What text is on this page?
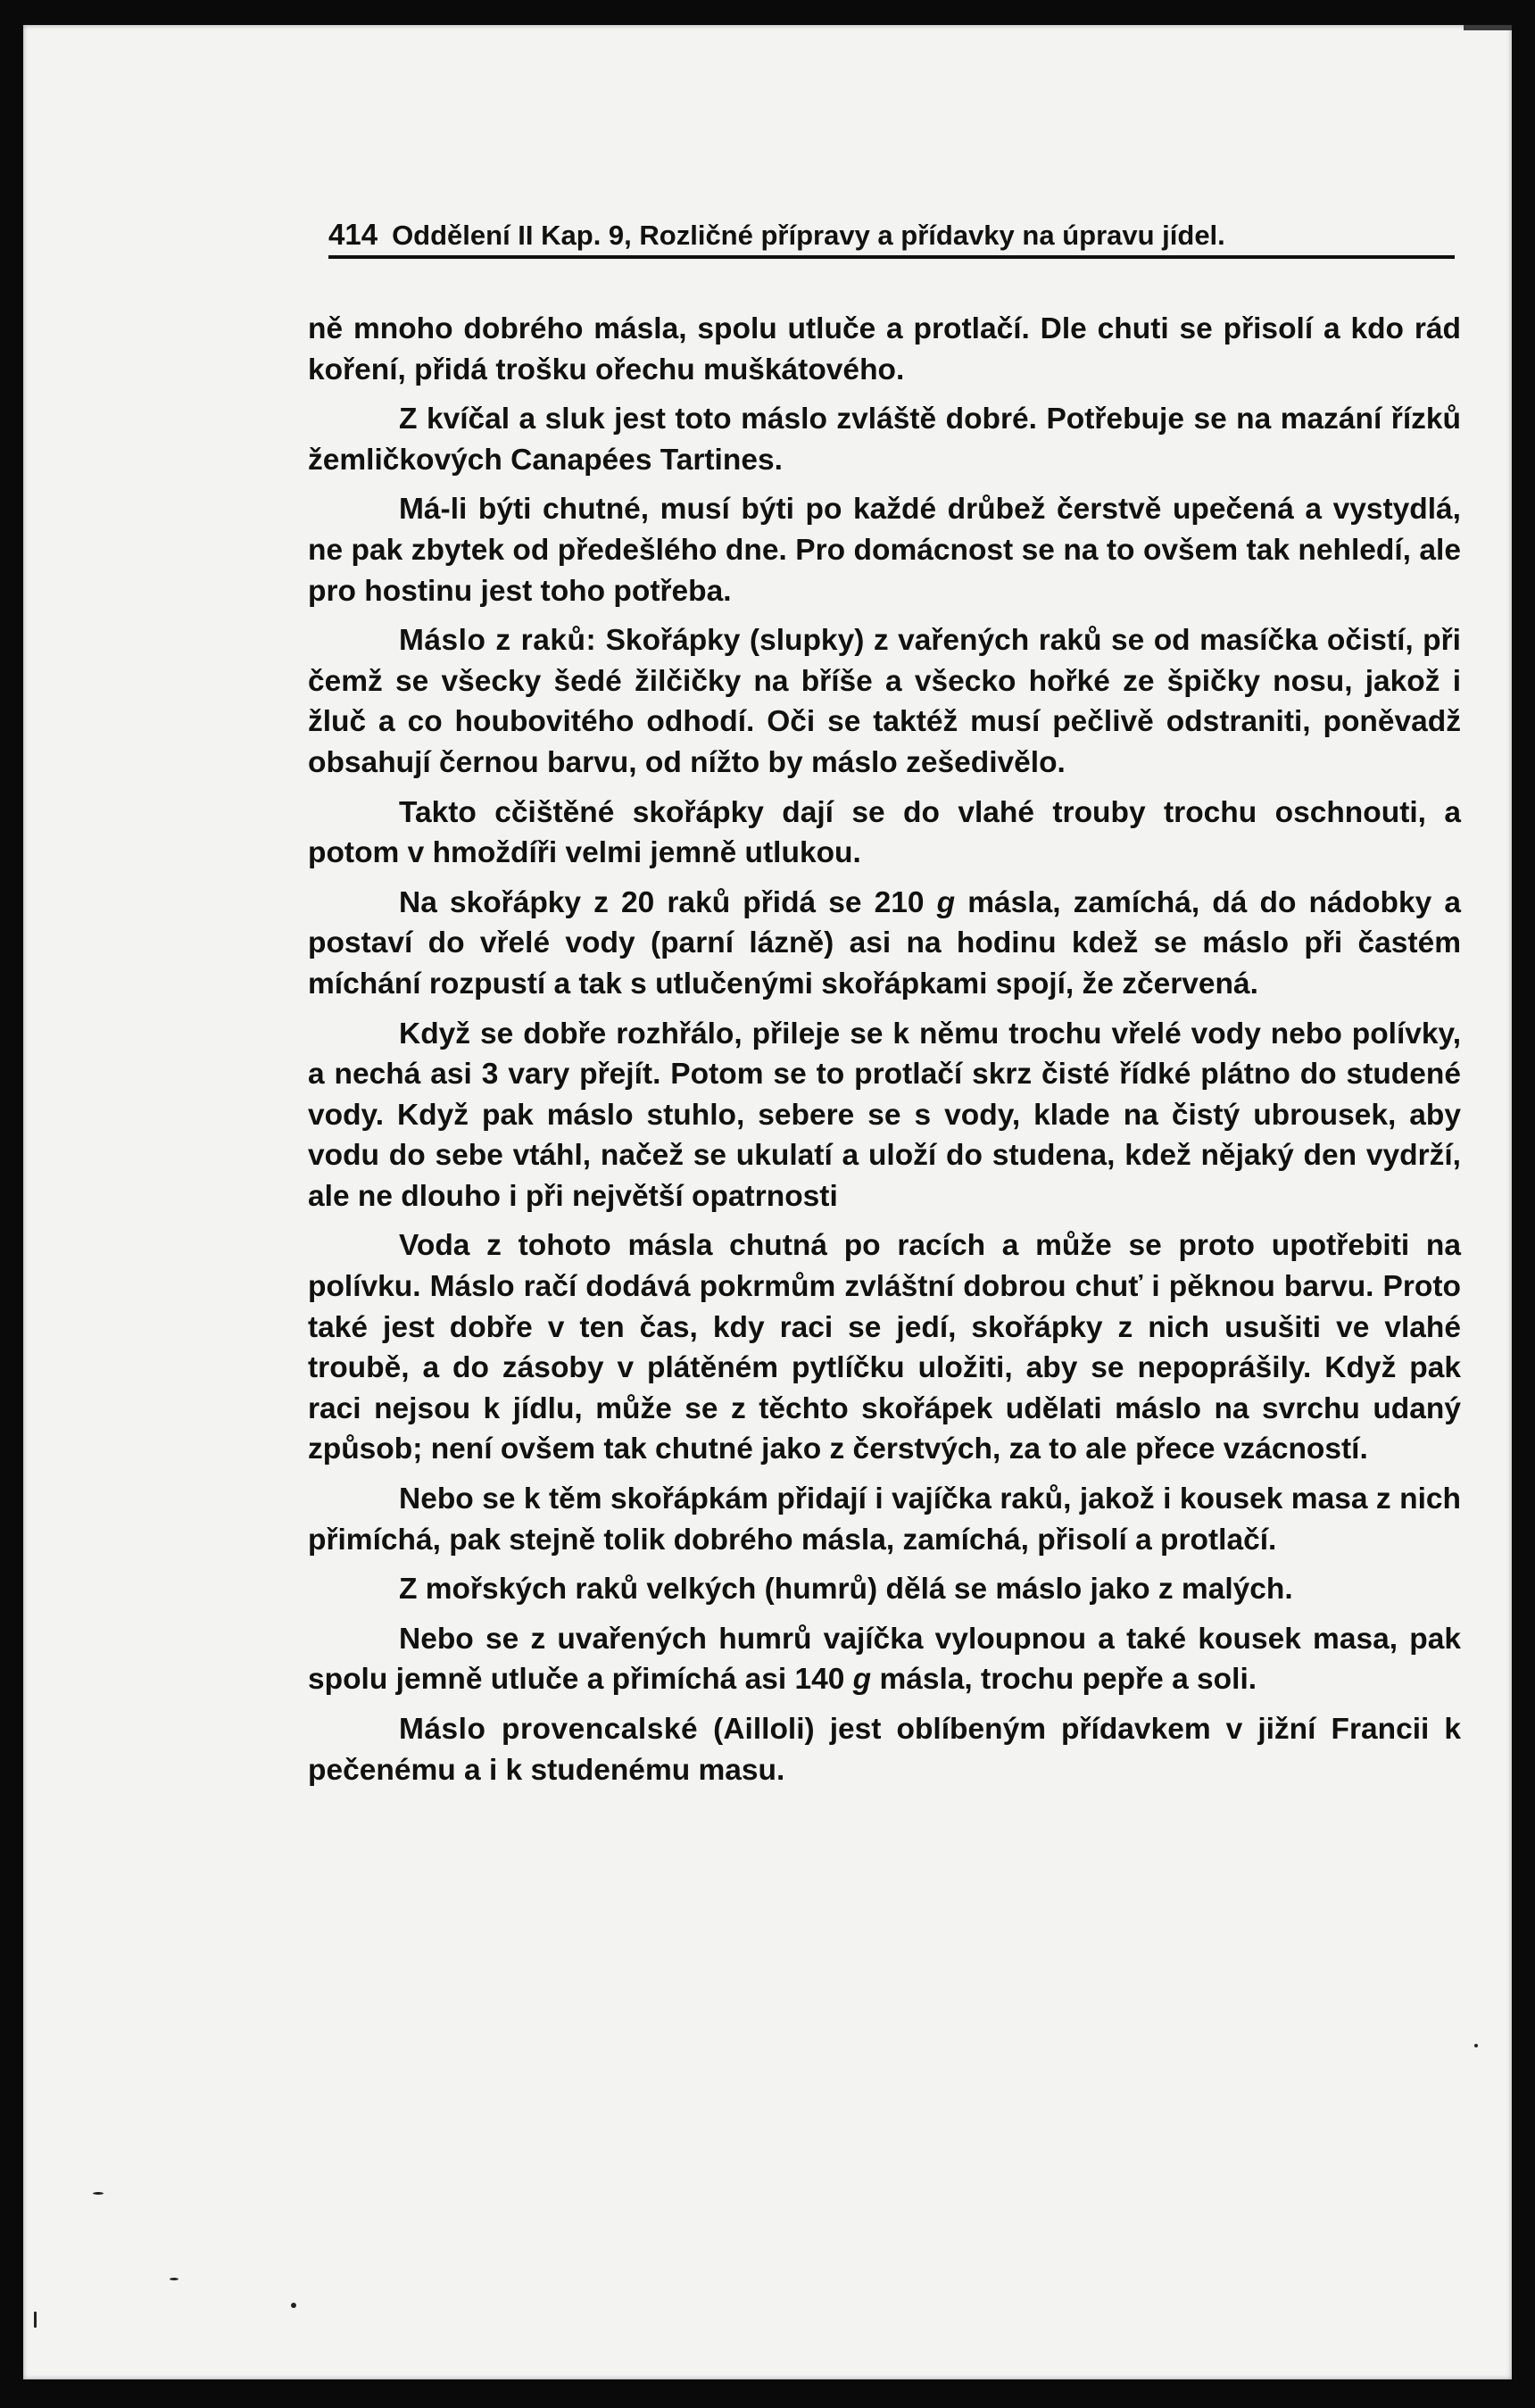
414 Oddělení II Kap. 9, Rozličné přípravy a přídavky na úpravu jídel.

ně mnoho dobrého másla, spolu utluče a protlačí. Dle chuti se přisolí a kdo rád koření, přidá trošku ořechu muškátového.

Z kvíčal a sluk jest toto máslo zvláště dobré. Potřebuje se na mazání řízků žemličkových Canapées Tartines.

Má-li býti chutné, musí býti po každé drůbež čerstvě upečená a vystydlá, ne pak zbytek od předešlého dne. Pro domácnost se na to ovšem tak nehledí, ale pro hostinu jest toho potřeba.

Máslo z raků: Skořápky (slupky) z vařených raků se od masíčka očistí, při čemž se všecky šedé žilčičky na bříše a všecko hořké ze špičky nosu, jakož i žluč a co houbovitého odhodí. Oči se taktéž musí pečlivě odstraniti, poněvadž obsahují černou barvu, od nížto by máslo zešedivělo.

Takto cčištěné skořápky dají se do vlahé trouby trochu oschnouti, a potom v hmoždíři velmi jemně utlukou.

Na skořápky z 20 raků přidá se 210 g másla, zamíchá, dá do nádobky a postaví do vřelé vody (parní lázně) asi na hodinu kdež se máslo při častém míchání rozpustí a tak s utlučenými skořápkami spojí, že zčervená.

Když se dobře rozhřálo, přileje se k němu trochu vřelé vody nebo polívky, a nechá asi 3 vary přejít. Potom se to protlačí skrz čisté řídké plátno do studené vody. Když pak máslo stuhlo, sebere se s vody, klade na čistý ubrousek, aby vodu do sebe vtáhl, načež se ukulatí a uloží do studena, kdež nějaký den vydrží, ale ne dlouho i při největší opatrnosti

Voda z tohoto másla chutná po racích a může se proto upotřebiti na polívku. Máslo račí dodává pokrmům zvláštní dobrou chuť i pěknou barvu. Proto také jest dobře v ten čas, kdy raci se jedí, skořápky z nich usušiti ve vlahé troubě, a do zásoby v plátěném pytlíčku uložiti, aby se nepoprášily. Když pak raci nejsou k jídlu, může se z těchto skořápek udělati máslo na svrchu udaný způsob; není ovšem tak chutné jako z čerstvých, za to ale přece vzácností.

Nebo se k těm skořápkám přidají i vajíčka raků, jakož i kousek masa z nich přimíchá, pak stejně tolik dobrého másla, zamíchá, přisolí a protlačí.

Z mořských raků velkých (humrů) dělá se máslo jako z malých.

Nebo se z uvařených humrů vajíčka vyloupnou a také kousek masa, pak spolu jemně utluče a přimíchá asi 140 g másla, trochu pepře a soli.

Máslo provencalské (Ailloli) jest oblíbeným přídavkem v jižní Francii k pečenému a i k studenému masu.
